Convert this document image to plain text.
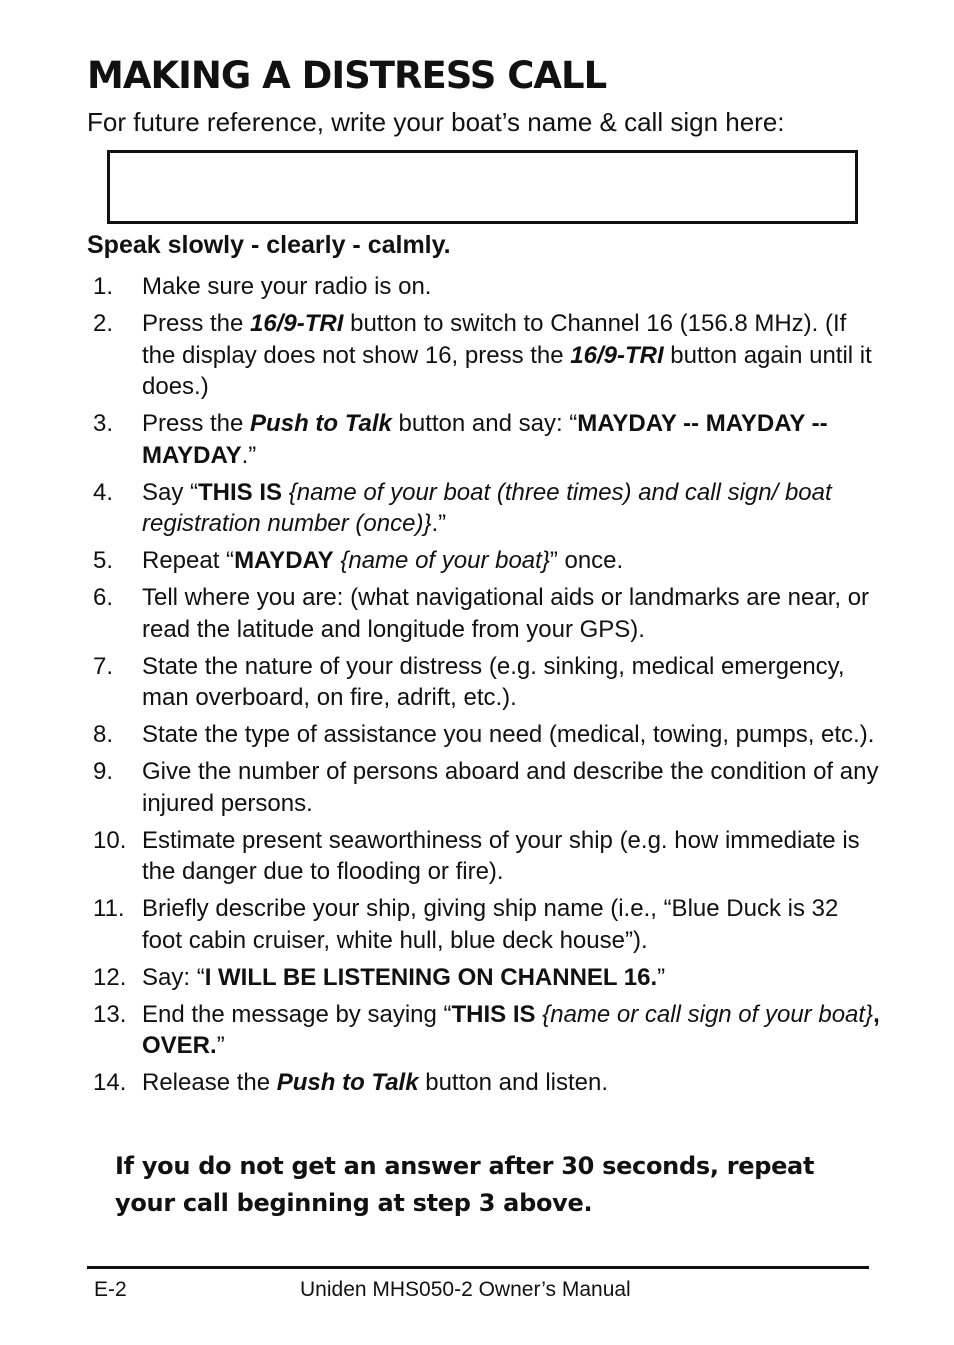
MAKING A DISTRESS CALL
For future reference, write your boat’s name & call sign here:
Speak slowly - clearly - calmly.
1.	Make sure your radio is on.
2.	Press the 16/9-TRI button to switch to Channel 16 (156.8 MHz). (If the display does not show 16, press the 16/9-TRI button again until it does.)
3.	Press the Push to Talk button and say: “MAYDAY -- MAYDAY -- MAYDAY.”
4.	Say “THIS IS {name of your boat (three times) and call sign/ boat registration number (once)}.”
5.	Repeat “MAYDAY {name of your boat}” once.
6.	Tell where you are: (what navigational aids or landmarks are near, or read the latitude and longitude from your GPS).
7.	State the nature of your distress (e.g. sinking, medical emergency, man overboard, on fire, adrift, etc.).
8.	State the type of assistance you need (medical, towing, pumps, etc.).
9.	Give the number of persons aboard and describe the condition of any injured persons.
10. Estimate present seaworthiness of your ship (e.g. how immediate is the danger due to flooding or fire).
11. Briefly describe your ship, giving ship name (i.e., “Blue Duck is 32 foot cabin cruiser, white hull, blue deck house”).
12. Say: “I WILL BE LISTENING ON CHANNEL 16.”
13. End the message by saying “THIS IS {name or call sign of your boat}, OVER.”
14. Release the Push to Talk button and listen.
If you do not get an answer after 30 seconds, repeat your call beginning at step 3 above.
E-2	Uniden MHS050-2 Owner’s Manual
